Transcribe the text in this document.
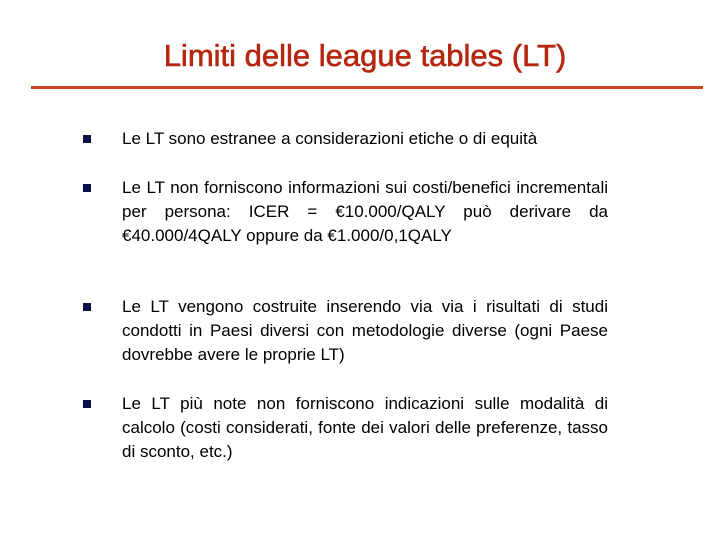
Limiti delle league tables (LT)
Le LT sono estranee a considerazioni etiche o di equità
Le LT non forniscono informazioni sui costi/benefici incrementali per persona: ICER = €10.000/QALY può derivare da €40.000/4QALY oppure da €1.000/0,1QALY
Le LT vengono costruite inserendo via via i risultati di studi condotti in Paesi diversi con metodologie diverse (ogni Paese dovrebbe avere le proprie LT)
Le LT più note non forniscono indicazioni sulle modalità di calcolo (costi considerati, fonte dei valori delle preferenze, tasso di sconto, etc.)
